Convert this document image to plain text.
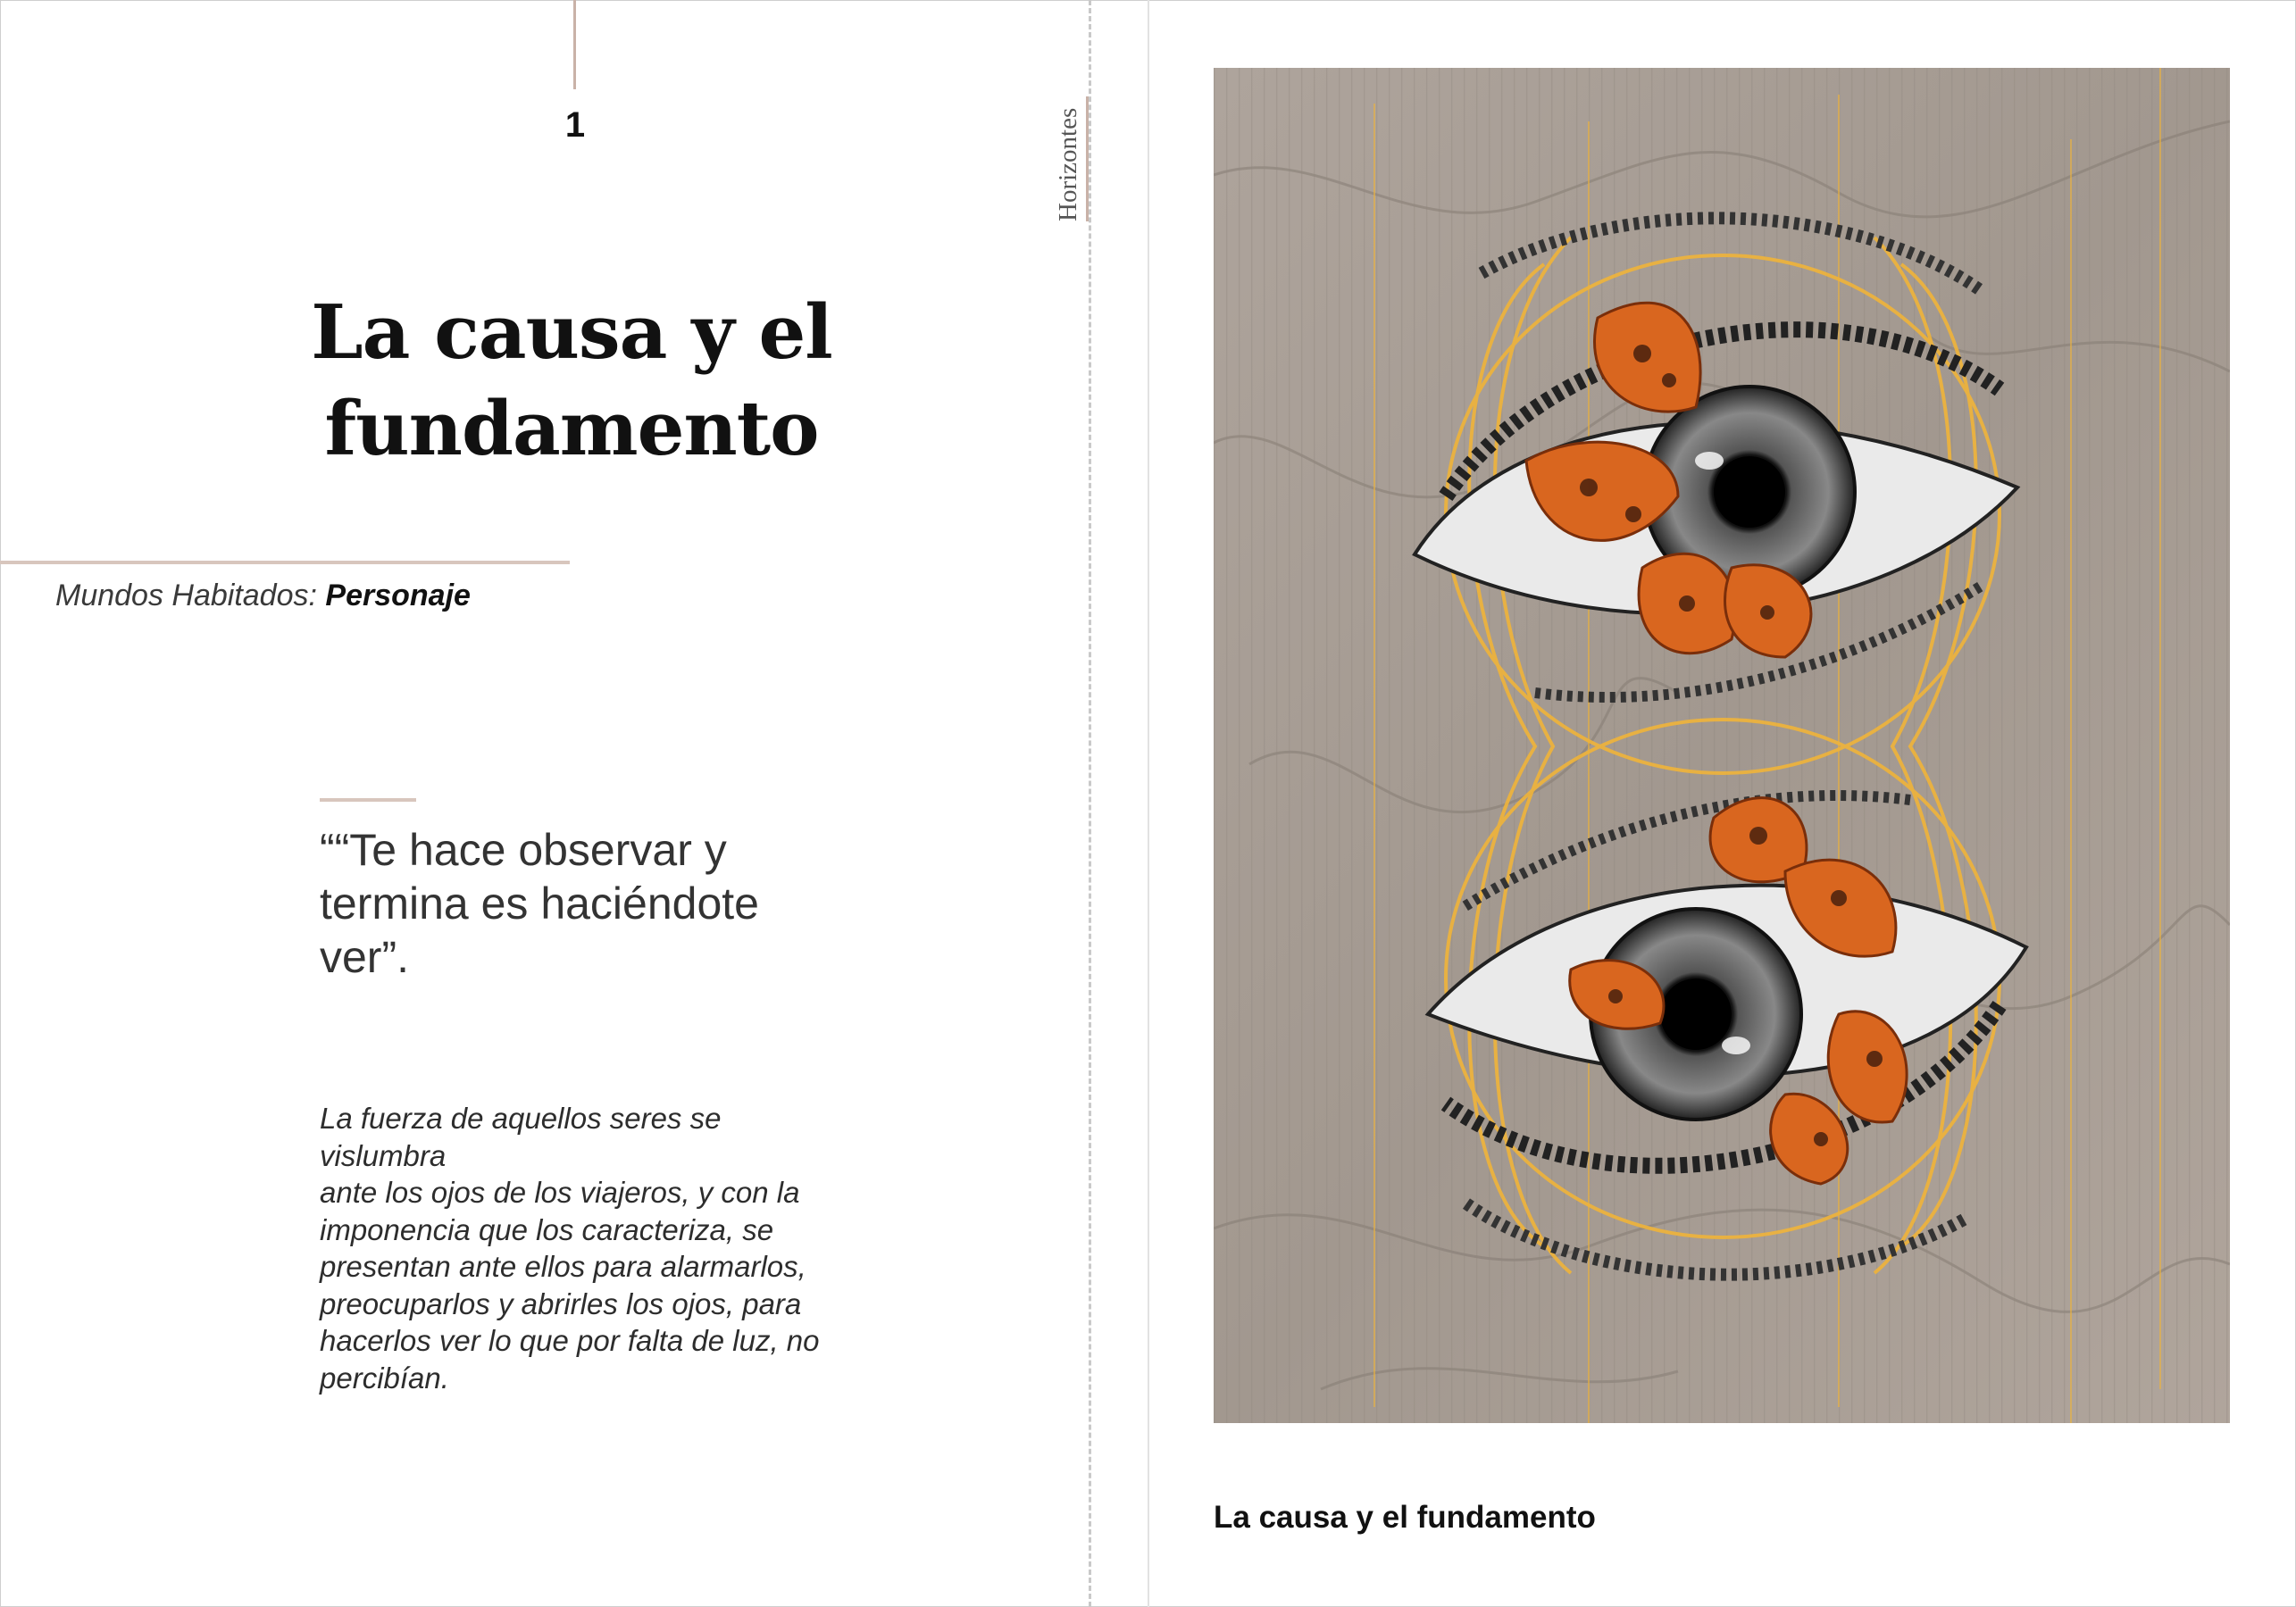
1	Horizontes
La causa y el
fundamento
Mundos Habitados: Personaje
““Te hace observar y
termina es haciéndote
ver”.
La fuerza de aquellos seres se vislumbra
ante los ojos de los viajeros, y con la
imponencia que los caracteriza, se
presentan ante ellos para alarmarlos,
preocuparlos y abrirles los ojos, para
hacerlos ver lo que por falta de luz, no
percibían.
La causa y el fundamento
